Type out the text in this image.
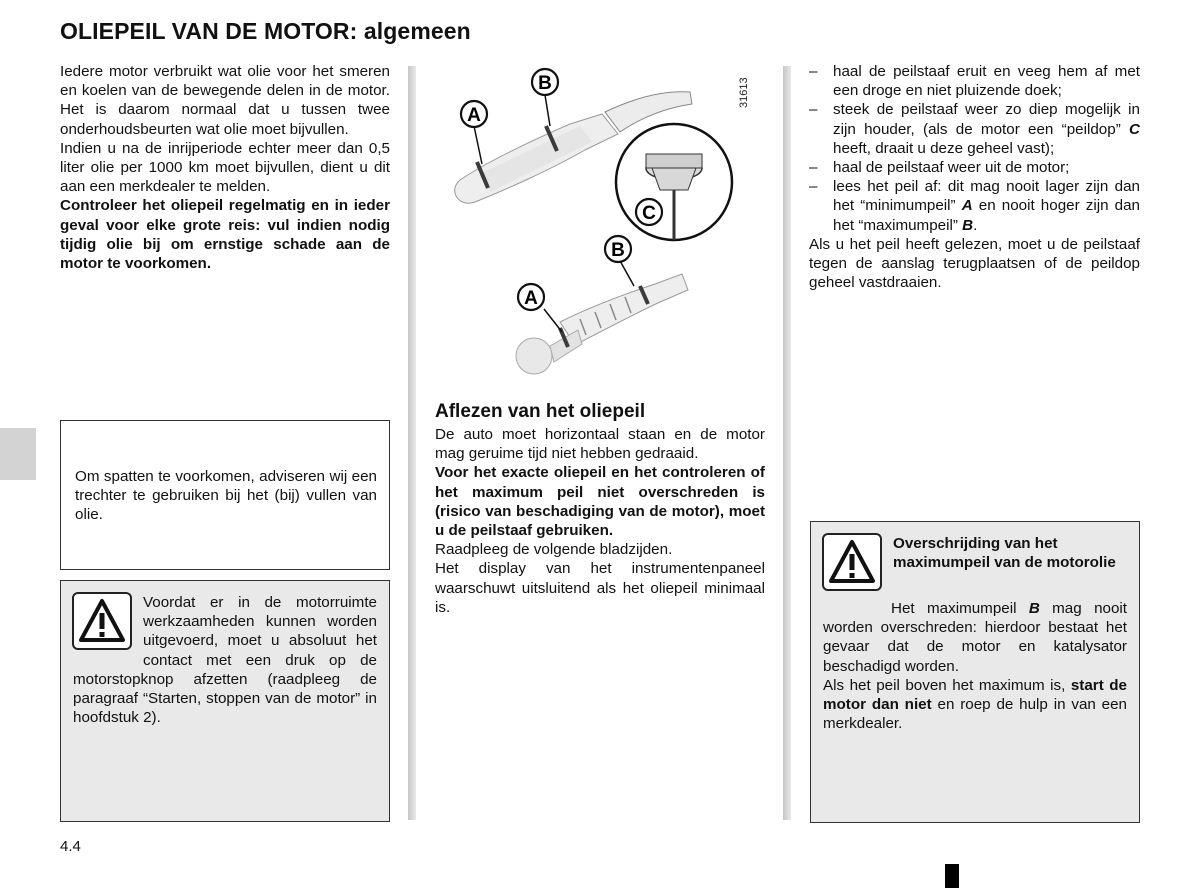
OLIEPEIL VAN DE MOTOR: algemeen

Iedere motor verbruikt wat olie voor het smeren en koelen van de bewegende delen in de motor. Het is daarom normaal dat u tussen twee onderhoudsbeurten wat olie moet bijvullen.

Indien u na de inrijperiode echter meer dan 0,5 liter olie per 1000 km moet bijvullen, dient u dit aan een merkdealer te melden.

Controleer het oliepeil regelmatig en in ieder geval voor elke grote reis: vul indien nodig tijdig olie bij om ernstige schade aan de motor te voorkomen.

Om spatten te voorkomen, adviseren wij een trechter te gebruiken bij het (bij) vullen van olie.
Voordat er in de motorruimte werkzaamheden kunnen worden uitgevoerd, moet u absoluut het contact met een druk op de motorstopknop afzetten (raadpleeg de paragraaf “Starten, stoppen van de motor” in hoofdstuk 2).
A
B
C
B
A
31613
Aflezen van het oliepeil

De auto moet horizontaal staan en de motor mag geruime tijd niet hebben gedraaid.

Voor het exacte oliepeil en het controleren of het maximum peil niet overschreden is (risico van beschadiging van de motor), moet u de peilstaaf gebruiken.

Raadpleeg de volgende bladzijden.

Het display van het instrumentenpaneel waarschuwt uitsluitend als het oliepeil minimaal is.

– haal de peilstaaf eruit en veeg hem af met een droge en niet pluizende doek;
– steek de peilstaaf weer zo diep mogelijk in zijn houder, (als de motor een “peildop” C heeft, draait u deze geheel vast);
– haal de peilstaaf weer uit de motor;
– lees het peil af: dit mag nooit lager zijn dan het “minimumpeil” A en nooit hoger zijn dan het “maximumpeil” B.

Als u het peil heeft gelezen, moet u de peilstaaf tegen de aanslag terugplaatsen of de peildop geheel vastdraaien.

Overschrijding van het maximumpeil van de motorolie

Het maximumpeil B mag nooit worden overschreden: hierdoor bestaat het gevaar dat de motor en katalysator beschadigd worden.

Als het peil boven het maximum is, start de motor dan niet en roep de hulp in van een merkdealer.

4.4
